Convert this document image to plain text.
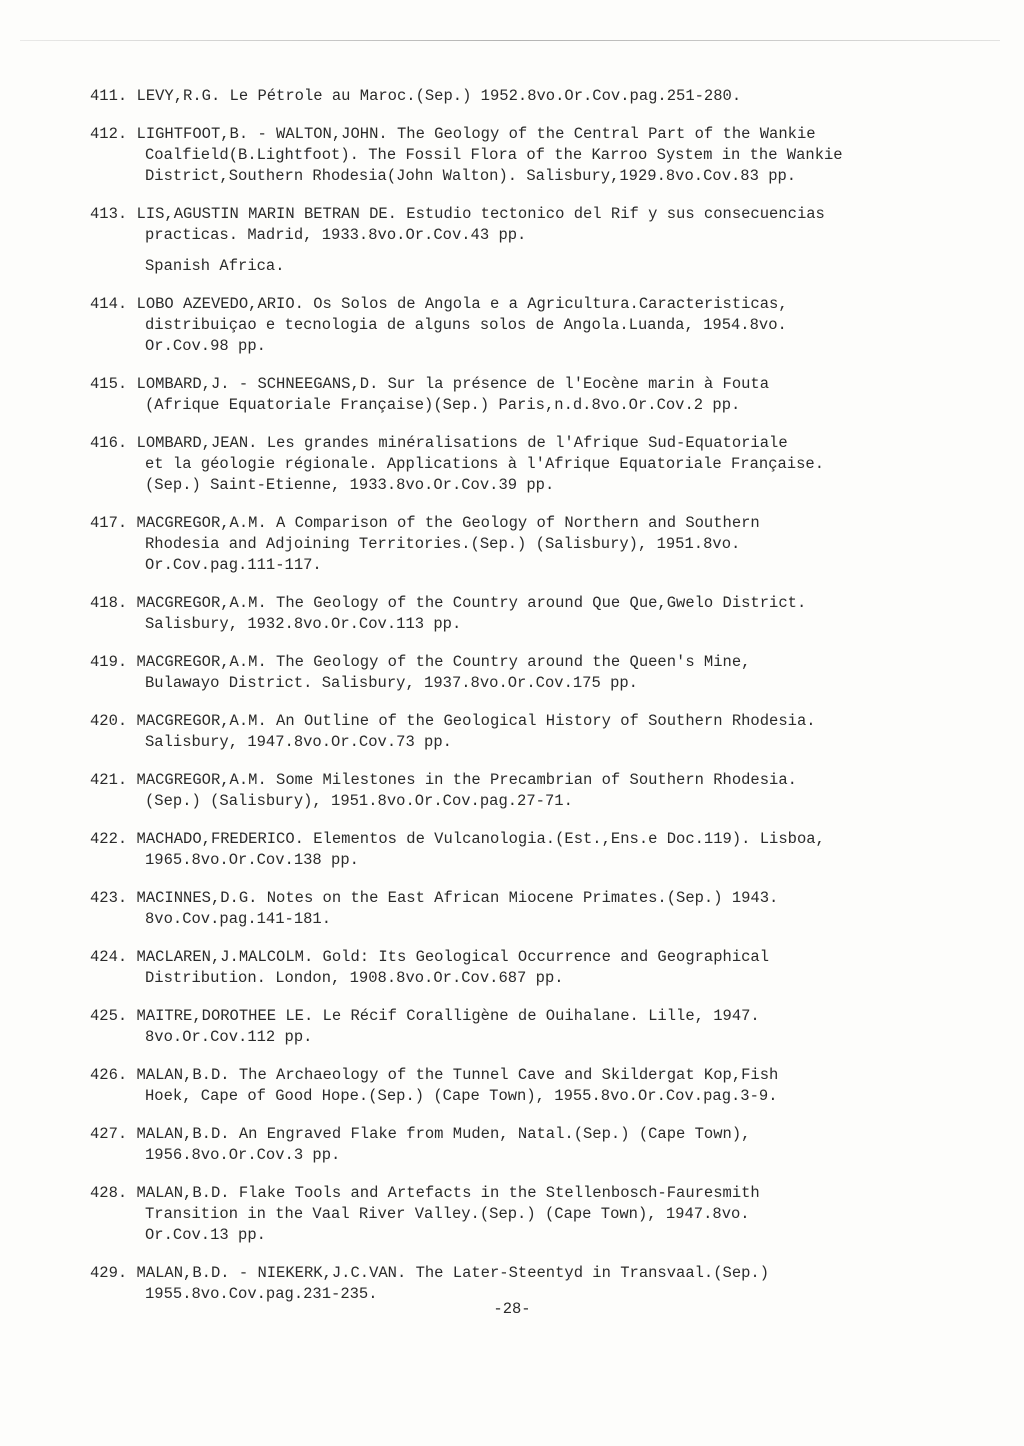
411. LEVY,R.G. Le Pétrole au Maroc.(Sep.) 1952.8vo.Or.Cov.pag.251-280.
412. LIGHTFOOT,B. - WALTON,JOHN. The Geology of the Central Part of the Wankie
Coalfield(B.Lightfoot). The Fossil Flora of the Karroo System in the Wankie
District,Southern Rhodesia(John Walton). Salisbury,1929.8vo.Cov.83 pp.
413. LIS,AGUSTIN MARIN BETRAN DE. Estudio tectonico del Rif y sus consecuencias
practicas. Madrid, 1933.8vo.Or.Cov.43 pp.
Spanish Africa.
414. LOBO AZEVEDO,ARIO. Os Solos de Angola e a Agricultura.Caracteristicas,
distribuiçao e tecnologia de alguns solos de Angola.Luanda, 1954.8vo.
Or.Cov.98 pp.
415. LOMBARD,J. - SCHNEEGANS,D. Sur la présence de l'Eocène marin à Fouta
(Afrique Equatoriale Française)(Sep.) Paris,n.d.8vo.Or.Cov.2 pp.
416. LOMBARD,JEAN. Les grandes minéralisations de l'Afrique Sud-Equatoriale
et la géologie régionale. Applications à l'Afrique Equatoriale Française.
(Sep.) Saint-Etienne, 1933.8vo.Or.Cov.39 pp.
417. MACGREGOR,A.M. A Comparison of the Geology of Northern and Southern
Rhodesia and Adjoining Territories.(Sep.) (Salisbury), 1951.8vo.
Or.Cov.pag.111-117.
418. MACGREGOR,A.M. The Geology of the Country around Que Que,Gwelo District.
Salisbury, 1932.8vo.Or.Cov.113 pp.
419. MACGREGOR,A.M. The Geology of the Country around the Queen's Mine,
Bulawayo District. Salisbury, 1937.8vo.Or.Cov.175 pp.
420. MACGREGOR,A.M. An Outline of the Geological History of Southern Rhodesia.
Salisbury, 1947.8vo.Or.Cov.73 pp.
421. MACGREGOR,A.M. Some Milestones in the Precambrian of Southern Rhodesia.
(Sep.) (Salisbury), 1951.8vo.Or.Cov.pag.27-71.
422. MACHADO,FREDERICO. Elementos de Vulcanologia.(Est.,Ens.e Doc.119). Lisboa,
1965.8vo.Or.Cov.138 pp.
423. MACINNES,D.G. Notes on the East African Miocene Primates.(Sep.) 1943.
8vo.Cov.pag.141-181.
424. MACLAREN,J.MALCOLM. Gold: Its Geological Occurrence and Geographical
Distribution. London, 1908.8vo.Or.Cov.687 pp.
425. MAITRE,DOROTHEE LE. Le Récif Coralligène de Ouihalane. Lille, 1947.
8vo.Or.Cov.112 pp.
426. MALAN,B.D. The Archaeology of the Tunnel Cave and Skildergat Kop,Fish
Hoek, Cape of Good Hope.(Sep.) (Cape Town), 1955.8vo.Or.Cov.pag.3-9.
427. MALAN,B.D. An Engraved Flake from Muden, Natal.(Sep.) (Cape Town),
1956.8vo.Or.Cov.3 pp.
428. MALAN,B.D. Flake Tools and Artefacts in the Stellenbosch-Fauresmith
Transition in the Vaal River Valley.(Sep.) (Cape Town), 1947.8vo.
Or.Cov.13 pp.
429. MALAN,B.D. - NIEKERK,J.C.VAN. The Later-Steentyd in Transvaal.(Sep.)
1955.8vo.Cov.pag.231-235.
-28-
